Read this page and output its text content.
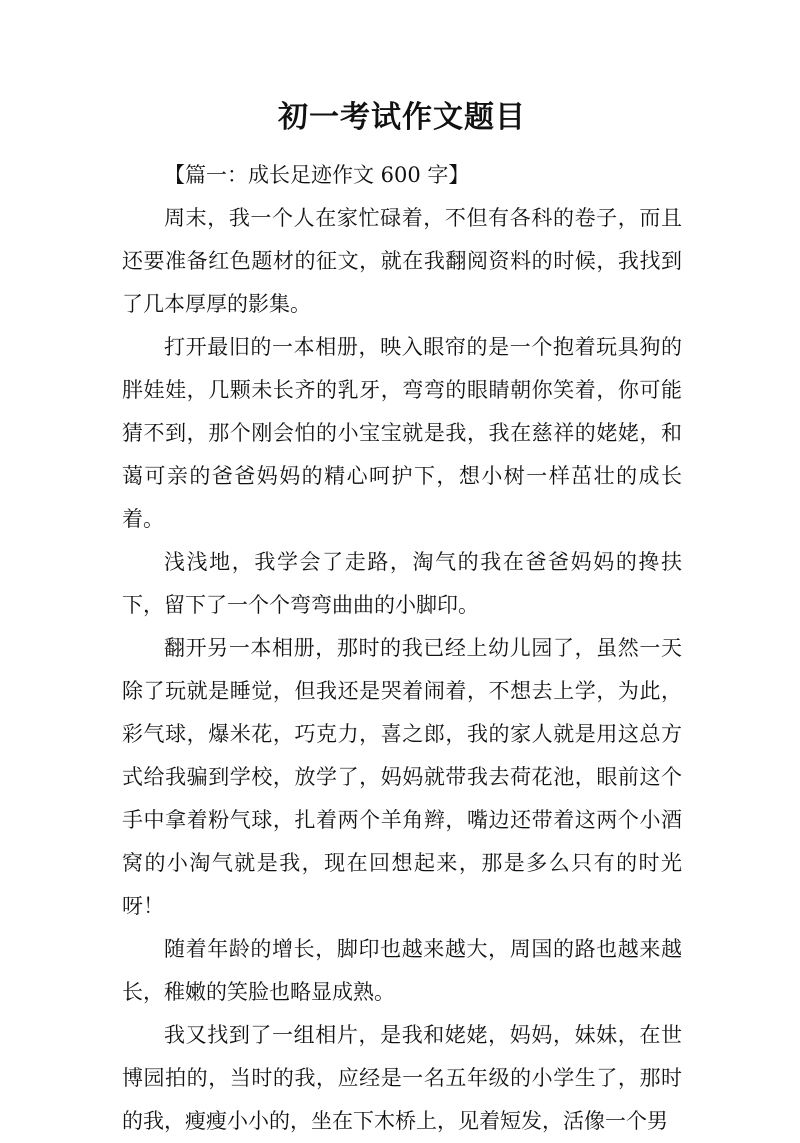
初一考试作文题目

【篇一：成长足迹作文 600 字】

周末，我一个人在家忙碌着，不但有各科的卷子，而且还要准备红色题材的征文，就在我翻阅资料的时候，我找到了几本厚厚的影集。

打开最旧的一本相册，映入眼帘的是一个抱着玩具狗的胖娃娃，几颗未长齐的乳牙，弯弯的眼睛朝你笑着，你可能猜不到，那个刚会怕的小宝宝就是我，我在慈祥的姥姥，和蔼可亲的爸爸妈妈的精心呵护下，想小树一样茁壮的成长着。

浅浅地，我学会了走路，淘气的我在爸爸妈妈的搀扶下，留下了一个个弯弯曲曲的小脚印。

翻开另一本相册，那时的我已经上幼儿园了，虽然一天除了玩就是睡觉，但我还是哭着闹着，不想去上学，为此，彩气球，爆米花，巧克力，喜之郎，我的家人就是用这总方式给我骗到学校，放学了，妈妈就带我去荷花池，眼前这个手中拿着粉气球，扎着两个羊角辫，嘴边还带着这两个小酒窝的小淘气就是我，现在回想起来，那是多么只有的时光呀！

随着年龄的增长，脚印也越来越大，周国的路也越来越长，稚嫩的笑脸也略显成熟。

我又找到了一组相片，是我和姥姥，妈妈，妹妹，在世博园拍的，当时的我，应经是一名五年级的小学生了，那时的我，瘦瘦小小的，坐在下木桥上，见着短发，活像一个男
